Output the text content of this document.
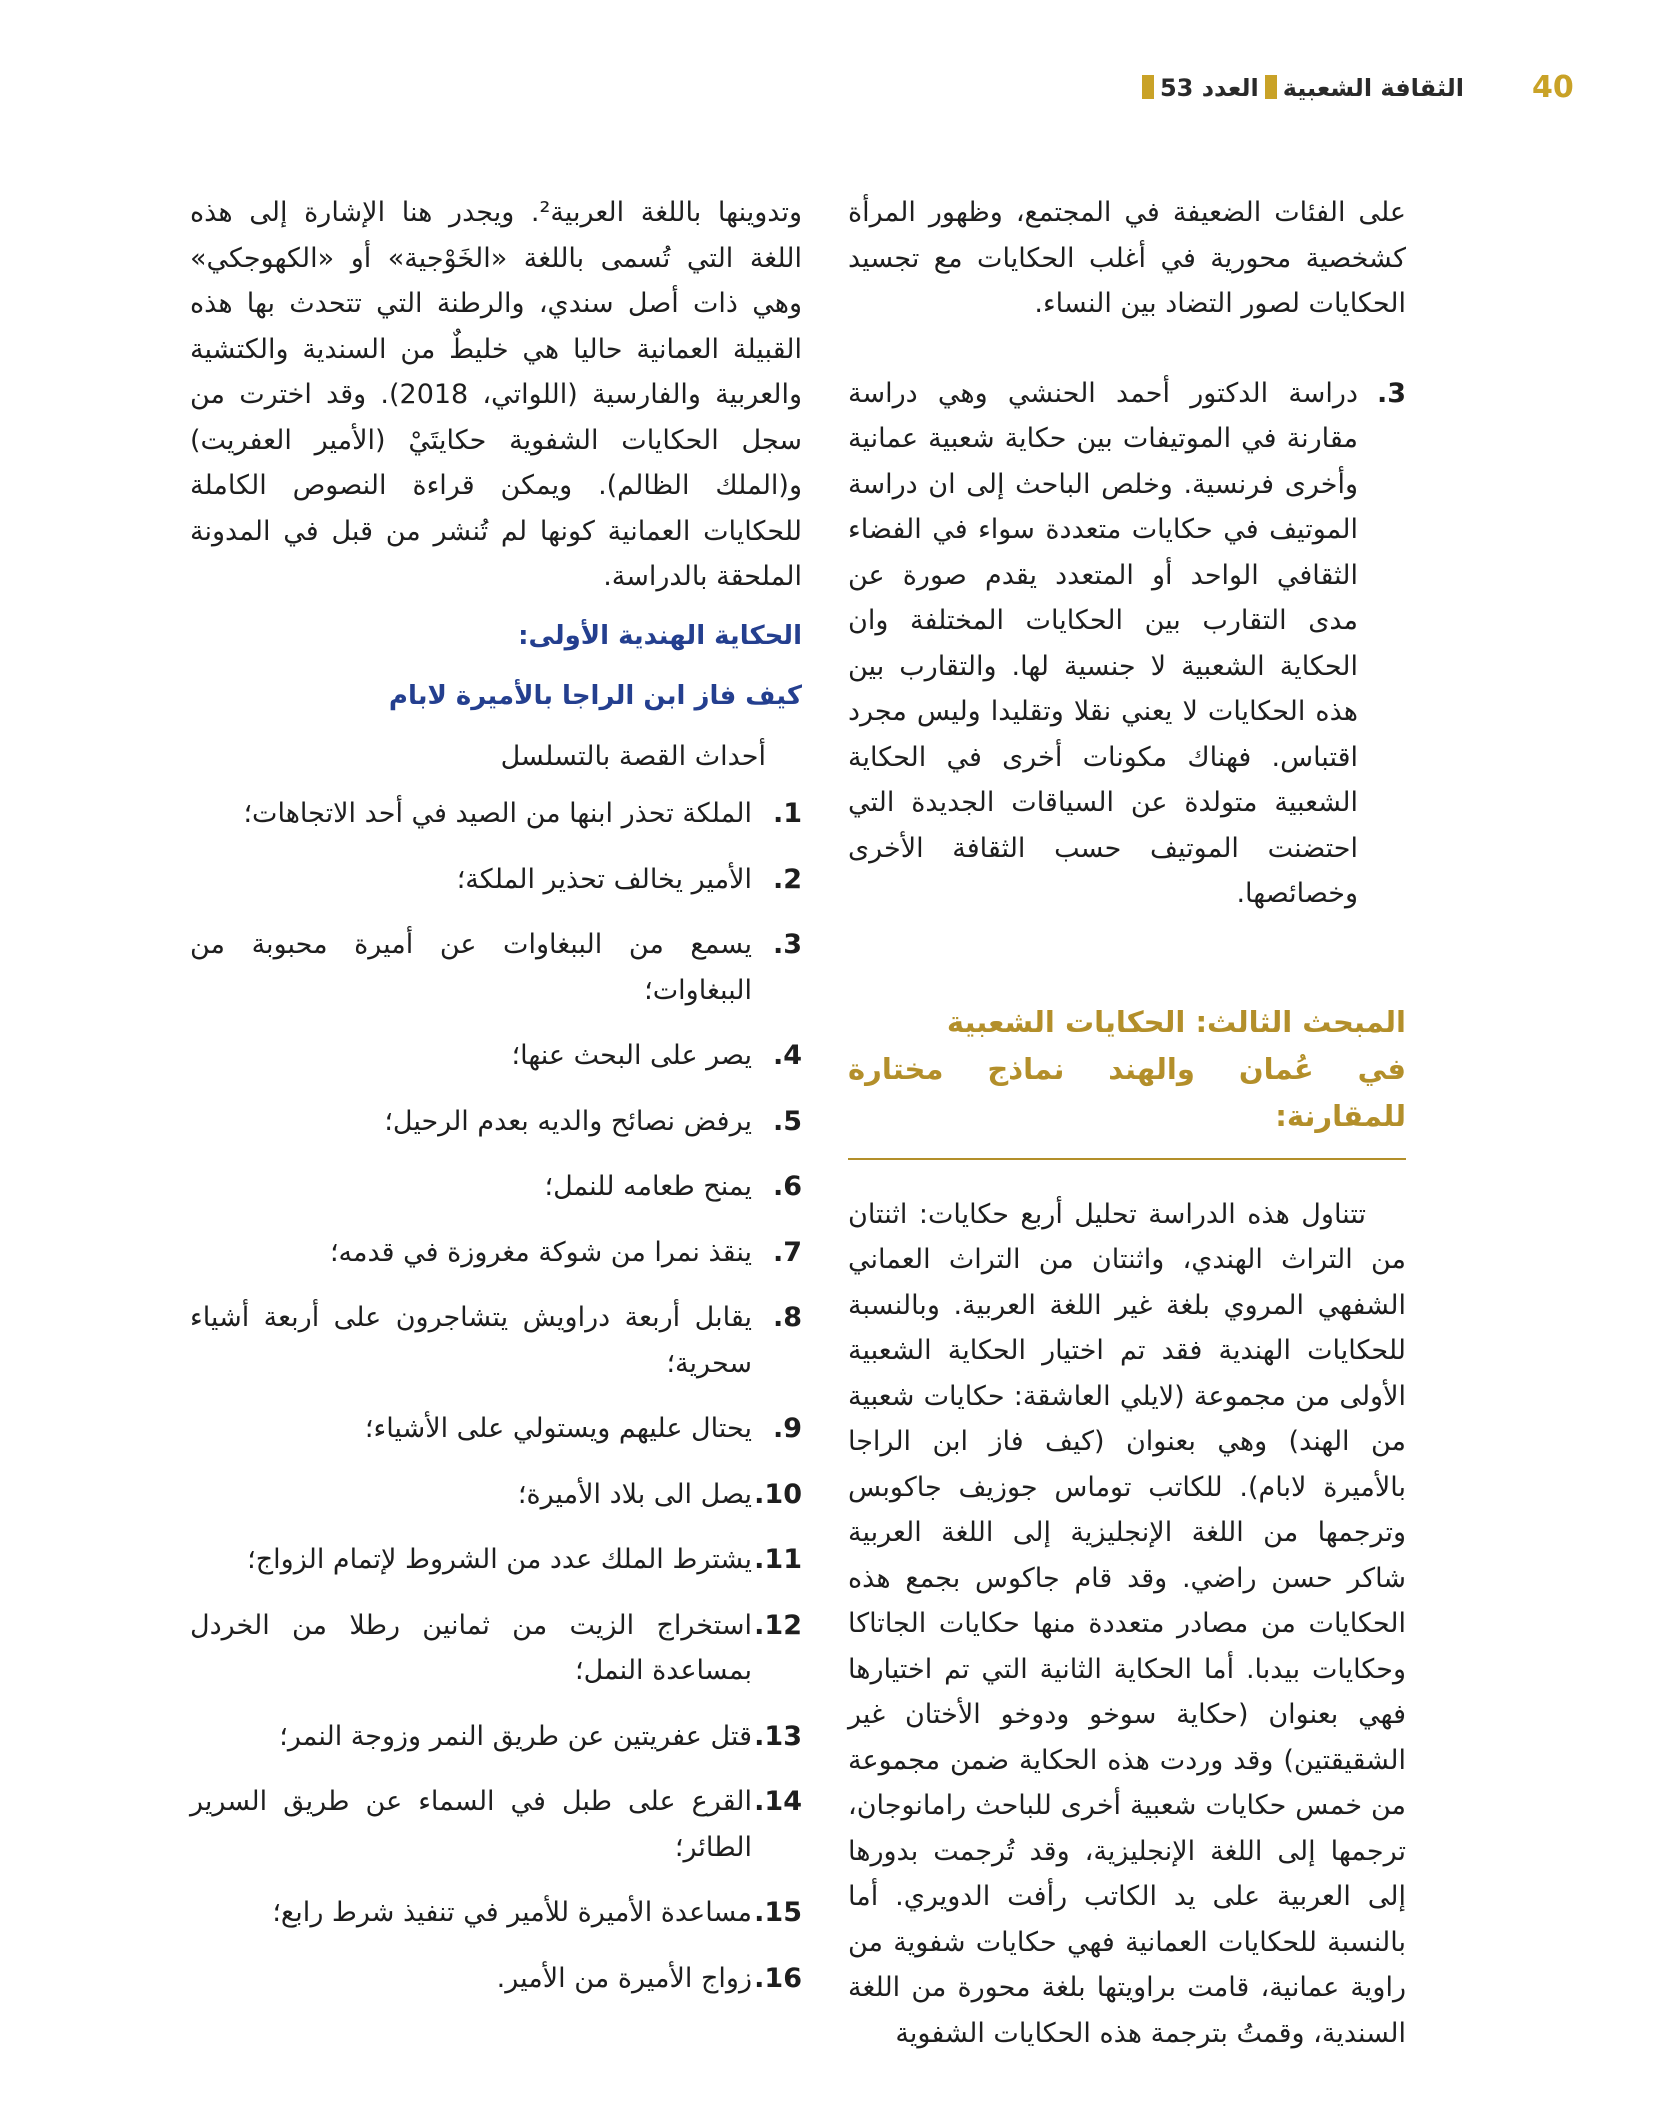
40
الثقافة الشعبيةالعدد 53

على الفئات الضعيفة في المجتمع، وظهور المرأة كشخصية محورية في أغلب الحكايات مع تجسيد الحكايات لصور التضاد بين النساء.

3.

دراسة الدكتور أحمد الحنشي وهي دراسة مقارنة في الموتيفات بين حكاية شعبية عمانية وأخرى فرنسية. وخلص الباحث إلى ان دراسة الموتيف في حكايات متعددة سواء في الفضاء الثقافي الواحد أو المتعدد يقدم صورة عن مدى التقارب بين الحكايات المختلفة وان الحكاية الشعبية لا جنسية لها. والتقارب بين هذه الحكايات لا يعني نقلا وتقليدا وليس مجرد اقتباس. فهناك مكونات أخرى في الحكاية الشعبية متولدة عن السياقات الجديدة التي احتضنت الموتيف حسب الثقافة الأخرى وخصائصها.

المبحث الثالث: الحكايات الشعبية
في عُمان والهند نماذج مختارة للمقارنة:

تتناول هذه الدراسة تحليل أربع حكايات: اثنتان من التراث الهندي، واثنتان من التراث العماني الشفهي المروي بلغة غير اللغة العربية. وبالنسبة للحكايات الهندية فقد تم اختيار الحكاية الشعبية الأولى من مجموعة (لايلي العاشقة: حكايات شعبية من الهند) وهي بعنوان (كيف فاز ابن الراجا بالأميرة لابام). للكاتب توماس جوزيف جاكوبس وترجمها من اللغة الإنجليزية إلى اللغة العربية شاكر حسن راضي. وقد قام جاكوس بجمع هذه الحكايات من مصادر متعددة منها حكايات الجاتاكا وحكايات بيدبا. أما الحكاية الثانية التي تم اختيارها فهي بعنوان (حكاية سوخو ودوخو الأختان غير الشقيقتين) وقد وردت هذه الحكاية ضمن مجموعة من خمس حكايات شعبية أخرى للباحث رامانوجان، ترجمها إلى اللغة الإنجليزية، وقد تُرجمت بدورها إلى العربية على يد الكاتب رأفت الدويري. أما بالنسبة للحكايات العمانية فهي حكايات شفوية من راوية عمانية، قامت براويتها بلغة محورة من اللغة السندية، وقمتُ بترجمة هذه الحكايات الشفوية

وتدوينها باللغة العربية². ويجدر هنا الإشارة إلى هذه اللغة التي تُسمى باللغة «الخَوْجية» أو «الكهوجكي» وهي ذات أصل سندي، والرطنة التي تتحدث بها هذه القبيلة العمانية حاليا هي خليطٌ من السندية والكتشية والعربية والفارسية (اللواتي، 2018). وقد اخترت من سجل الحكايات الشفوية حكايتَيْ (الأمير العفريت) و(الملك الظالم). ويمكن قراءة النصوص الكاملة للحكايات العمانية كونها لم تُنشر من قبل في المدونة الملحقة بالدراسة.

الحكاية الهندية الأولى:
كيف فاز ابن الراجا بالأميرة لابام
أحداث القصة بالتسلسل
1.
الملكة تحذر ابنها من الصيد في أحد الاتجاهات؛
2.
الأمير يخالف تحذير الملكة؛
3.
يسمع من الببغاوات عن أميرة محبوبة من الببغاوات؛
4.
يصر على البحث عنها؛
5.
يرفض نصائح والديه بعدم الرحيل؛
6.
يمنح طعامه للنمل؛
7.
ينقذ نمرا من شوكة مغروزة في قدمه؛
8.
يقابل أربعة دراويش يتشاجرون على أربعة أشياء سحرية؛
9.
يحتال عليهم ويستولي على الأشياء؛
10.
يصل الى بلاد الأميرة؛
11.
يشترط الملك عدد من الشروط لإتمام الزواج؛
12.
استخراج الزيت من ثمانين رطلا من الخردل بمساعدة النمل؛
13.
قتل عفريتين عن طريق النمر وزوجة النمر؛
14.
القرع على طبل في السماء عن طريق السرير الطائر؛
15.
مساعدة الأميرة للأمير في تنفيذ شرط رابع؛
16.
زواج الأميرة من الأمير.
